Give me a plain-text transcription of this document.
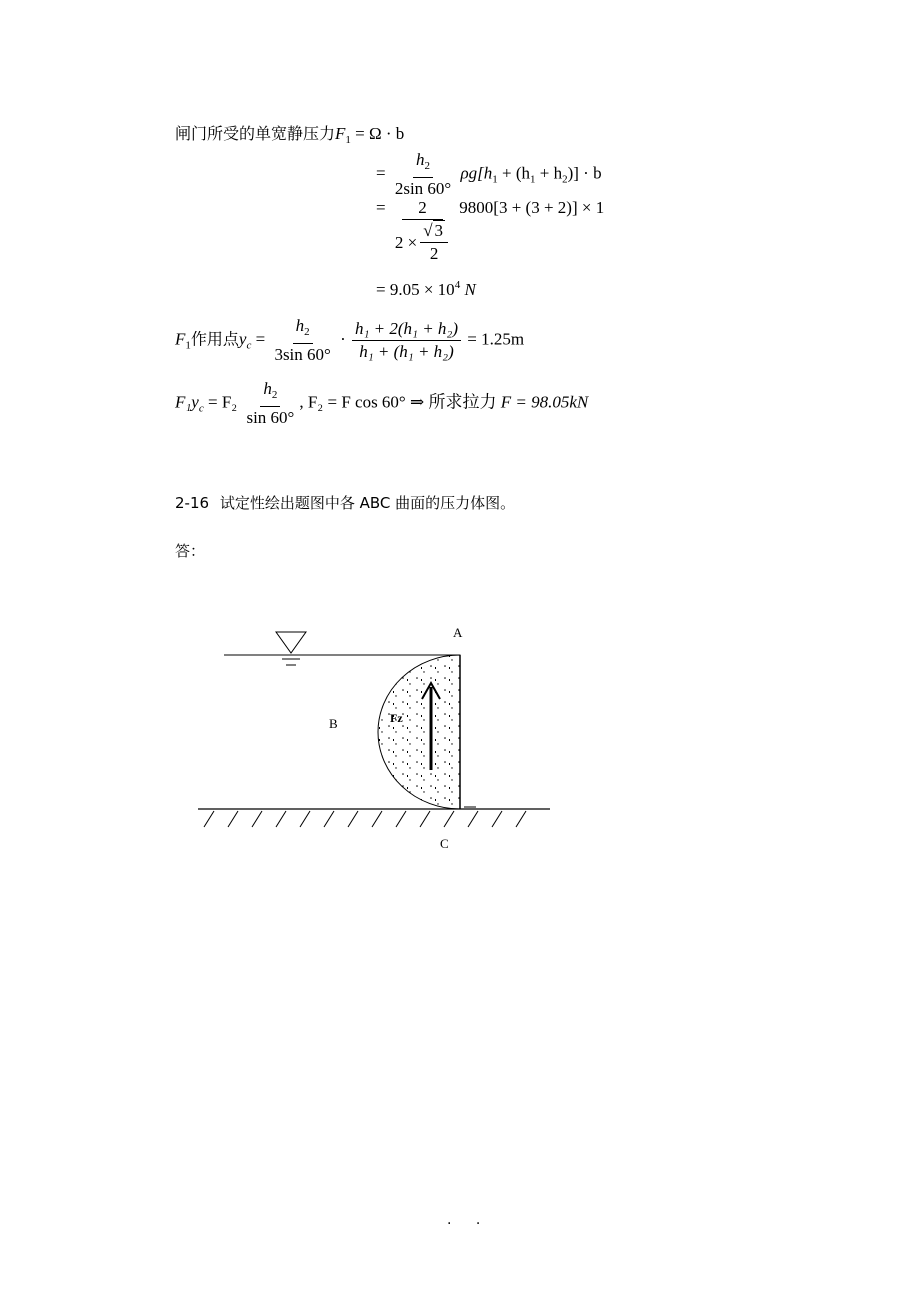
闸门所受的单宽静压力$F_1 = \Omega \cdot b$
= $\frac{h_2}{2\sin 60^\circ} \rho g[h_1 + (h_1 + h_2)] \cdot b$
= $\frac{2}{2 \times \frac{√ 3}{2}} 9800[3 + (3 + 2)] \times 1$
= $9.05 \times 10^4$ N
$F_1$作用点$y_c = \frac{h_2}{3\sin 60^\circ} \cdot \frac{\text{h₁ + 2(h₁ + h₂)}}{\text{h₁ + (h₁ + h₂)}} = 1.25m$
$F_1y_c = F_2 \frac{h_2}{\sin 60^\circ}$ , F₂ = F cos 60° ⇒ 所求拉力 F = 98.05kN
2-16 试定性绘出题图中各 ABC 曲面的压力体图。
答：
A
B
C
Fz
. .
